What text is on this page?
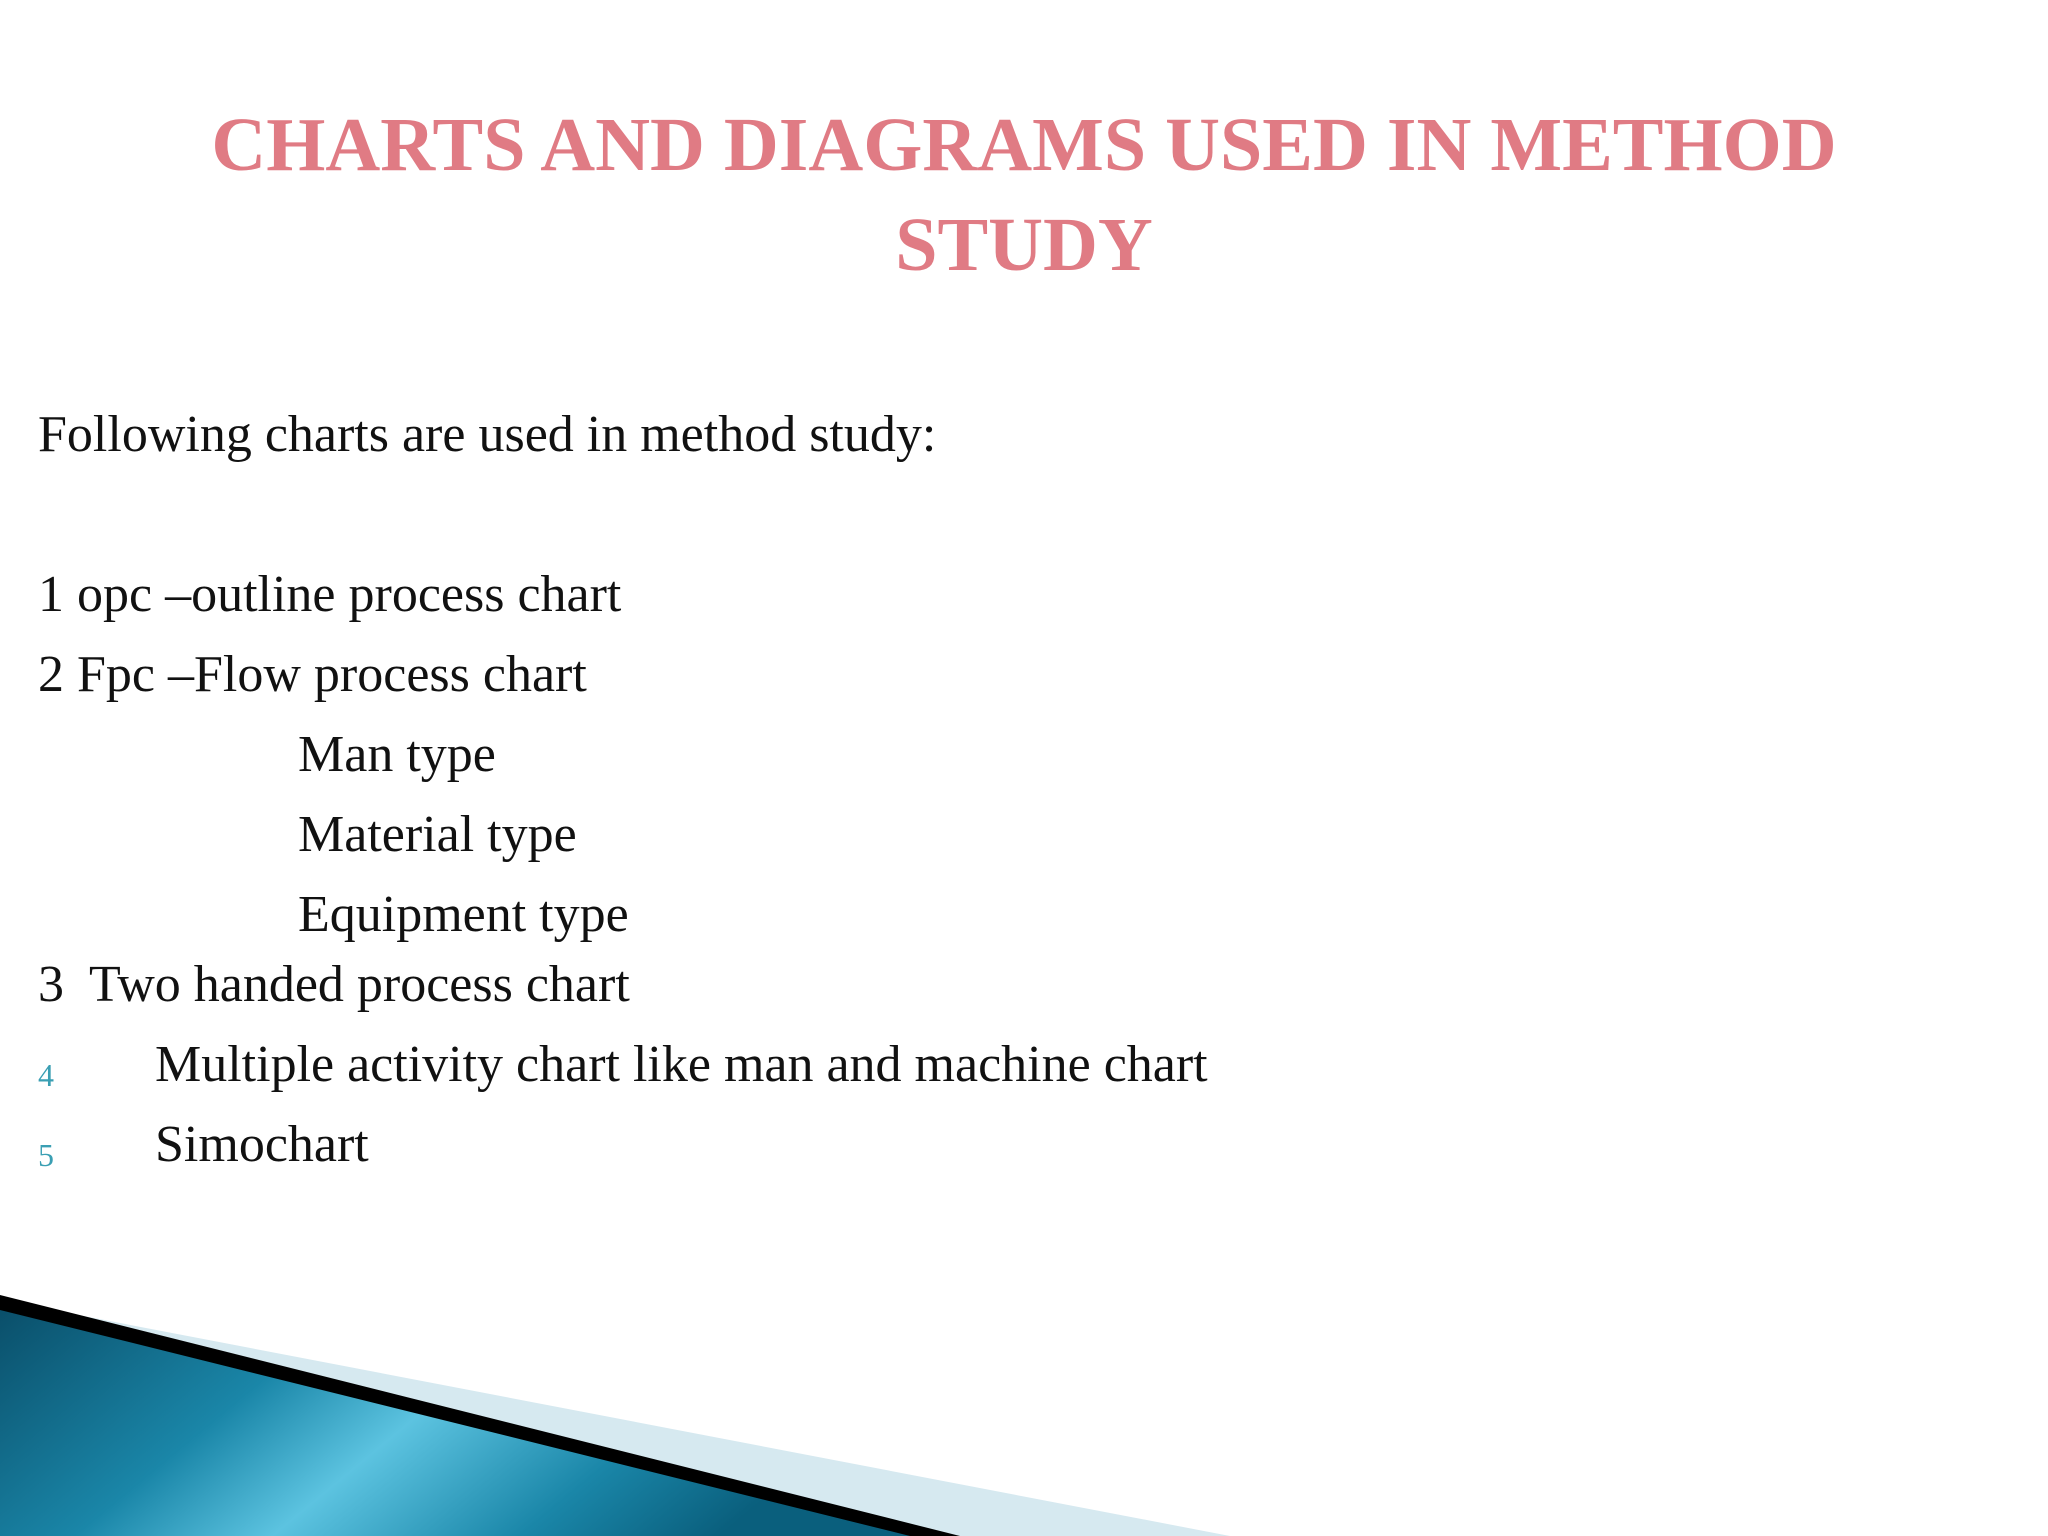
CHARTS AND DIAGRAMS USED IN METHOD
STUDY

Following charts are used in method study:

1 opc –outline process chart

2 Fpc –Flow process chart

Man type

Material type

Equipment type

3  Two handed process chart

4 Multiple activity chart like man and machine chart

5 Simochart
